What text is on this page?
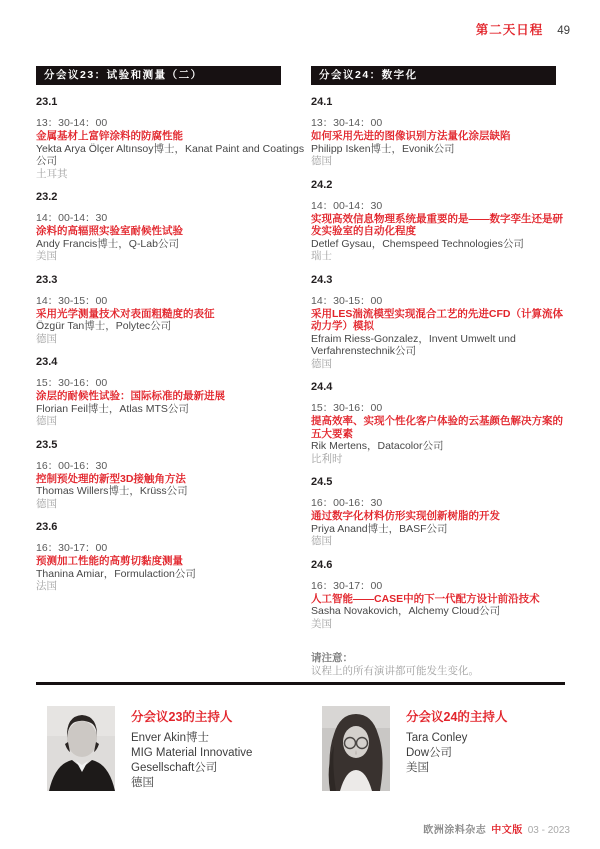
第二天日程 49
分会议23：试验和测量（二）
23.1
13：30-14：00
金属基材上富锌涂料的防腐性能
Yekta Arya Ölçer Altınsoy博士，Kanat Paint and Coatings公司
土耳其
23.2
14：00-14：30
涂料的高辐照实验室耐候性试验
Andy Francis博士，Q-Lab公司
美国
23.3
14：30-15：00
采用光学测量技术对表面粗糙度的表征
Özgür Tan博士，Polytec公司
德国
23.4
15：30-16：00
涂层的耐候性试验：国际标准的最新进展
Florian Feil博士，Atlas MTS公司
德国
23.5
16：00-16：30
控制预处理的新型3D接触角方法
Thomas Willers博士，Krüss公司
德国
23.6
16：30-17：00
预测加工性能的高剪切黏度测量
Thanina Amiar，Formulaction公司
法国
分会议24：数字化
24.1
13：30-14：00
如何采用先进的图像识别方法量化涂层缺陷
Philipp Isken博士，Evonik公司
德国
24.2
14：00-14：30
实现高效信息物理系统最重要的是——数字孪生还是研发实验室的自动化程度
Detlef Gysau，Chemspeed Technologies公司
瑞士
24.3
14：30-15：00
采用LES湍流模型实现混合工艺的先进CFD（计算流体动力学）模拟
Efraim Riess-Gonzalez，Invent Umwelt und Verfahrenstechnik公司
德国
24.4
15：30-16：00
提高效率、实现个性化客户体验的云基颜色解决方案的五大要素
Rik Mertens，Datacolor公司
比利时
24.5
16：00-16：30
通过数字化材料仿形实现创新树脂的开发
Priya Anand博士，BASF公司
德国
24.6
16：30-17：00
人工智能——CASE中的下一代配方设计前沿技术
Sasha Novakovich，Alchemy Cloud公司
美国
请注意：
议程上的所有演讲都可能发生变化。
分会议23的主持人
Enver Akin博士
MIG Material Innovative
Gesellschaft公司
德国
分会议24的主持人
Tara Conley
Dow公司
美国
欧洲涂料杂志 中文版 03 - 2023
